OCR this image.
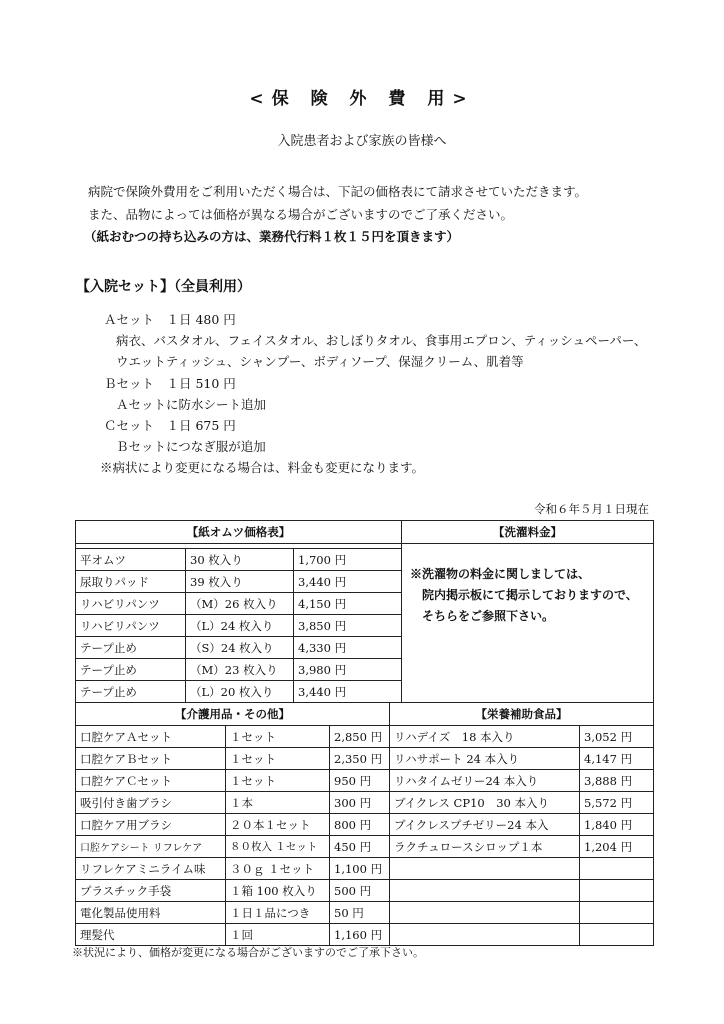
<保 険 外 費 用>
入院患者および家族の皆様へ
病院で保険外費用をご利用いただく場合は、下記の価格表にて請求させていただきます。
また、品物によっては価格が異なる場合がございますのでご了承ください。
（紙おむつの持ち込みの方は、業務代行料１枚１５円を頂きます）
【入院セット】（全員利用）
Ａセット　１日 480 円
病衣、バスタオル、フェイスタオル、おしぼりタオル、食事用エプロン、ティッシュペーパー、
ウエットティッシュ、シャンプー、ボディソープ、保湿クリーム、肌着等
Ｂセット　１日 510 円
Ａセットに防水シート追加
Ｃセット　１日 675 円
Ｂセットにつなぎ服が追加
※病状により変更になる場合は、料金も変更になります。
令和６年５月１日現在
【紙オムツ価格表】			【洗濯料金】

			※洗濯物の料金に関しましては、
　院内掲示板にて掲示しておりますので、
　そちらをご参照下さい。

平オムツ	30 枚入り	1,700 円	
尿取りパッド	39 枚入り	3,440 円	
リハビリパンツ	（M）26 枚入り	4,150 円	
リハビリパンツ	（L）24 枚入り	3,850 円	
テープ止め	（S）24 枚入り	4,330 円	
テープ止め	（M）23 枚入り	3,980 円	
テープ止め	（L）20 枚入り	3,440 円	
【介護用品・その他】			【栄養補助食品】	
口腔ケアＡセット	１セット	2,850 円	リハデイズ　18 本入り	3,052 円
口腔ケアＢセット	１セット	2,350 円	リハサポート 24 本入り	4,147 円
口腔ケアＣセット	１セット	950 円	リハタイムゼリー24 本入り	3,888 円
吸引付き歯ブラシ	１本	300 円	ブイクレス CP10　30 本入り	5,572 円
口腔ケア用ブラシ	２０本１セット	800 円	ブイクレスプチゼリー24 本入	1,840 円
口腔ケアシート リフレケア	８０枚入 １セット	450 円	ラクチュロースシロップ１本	1,204 円
リフレケアミニライム味	３０ｇ １セット	1,100 円		
プラスチック手袋	１箱 100 枚入り	500 円		
電化製品使用料	１日１品につき	50 円		
理髪代	１回	1,160 円		
※状況により、価格が変更になる場合がございますのでご了承下さい。
